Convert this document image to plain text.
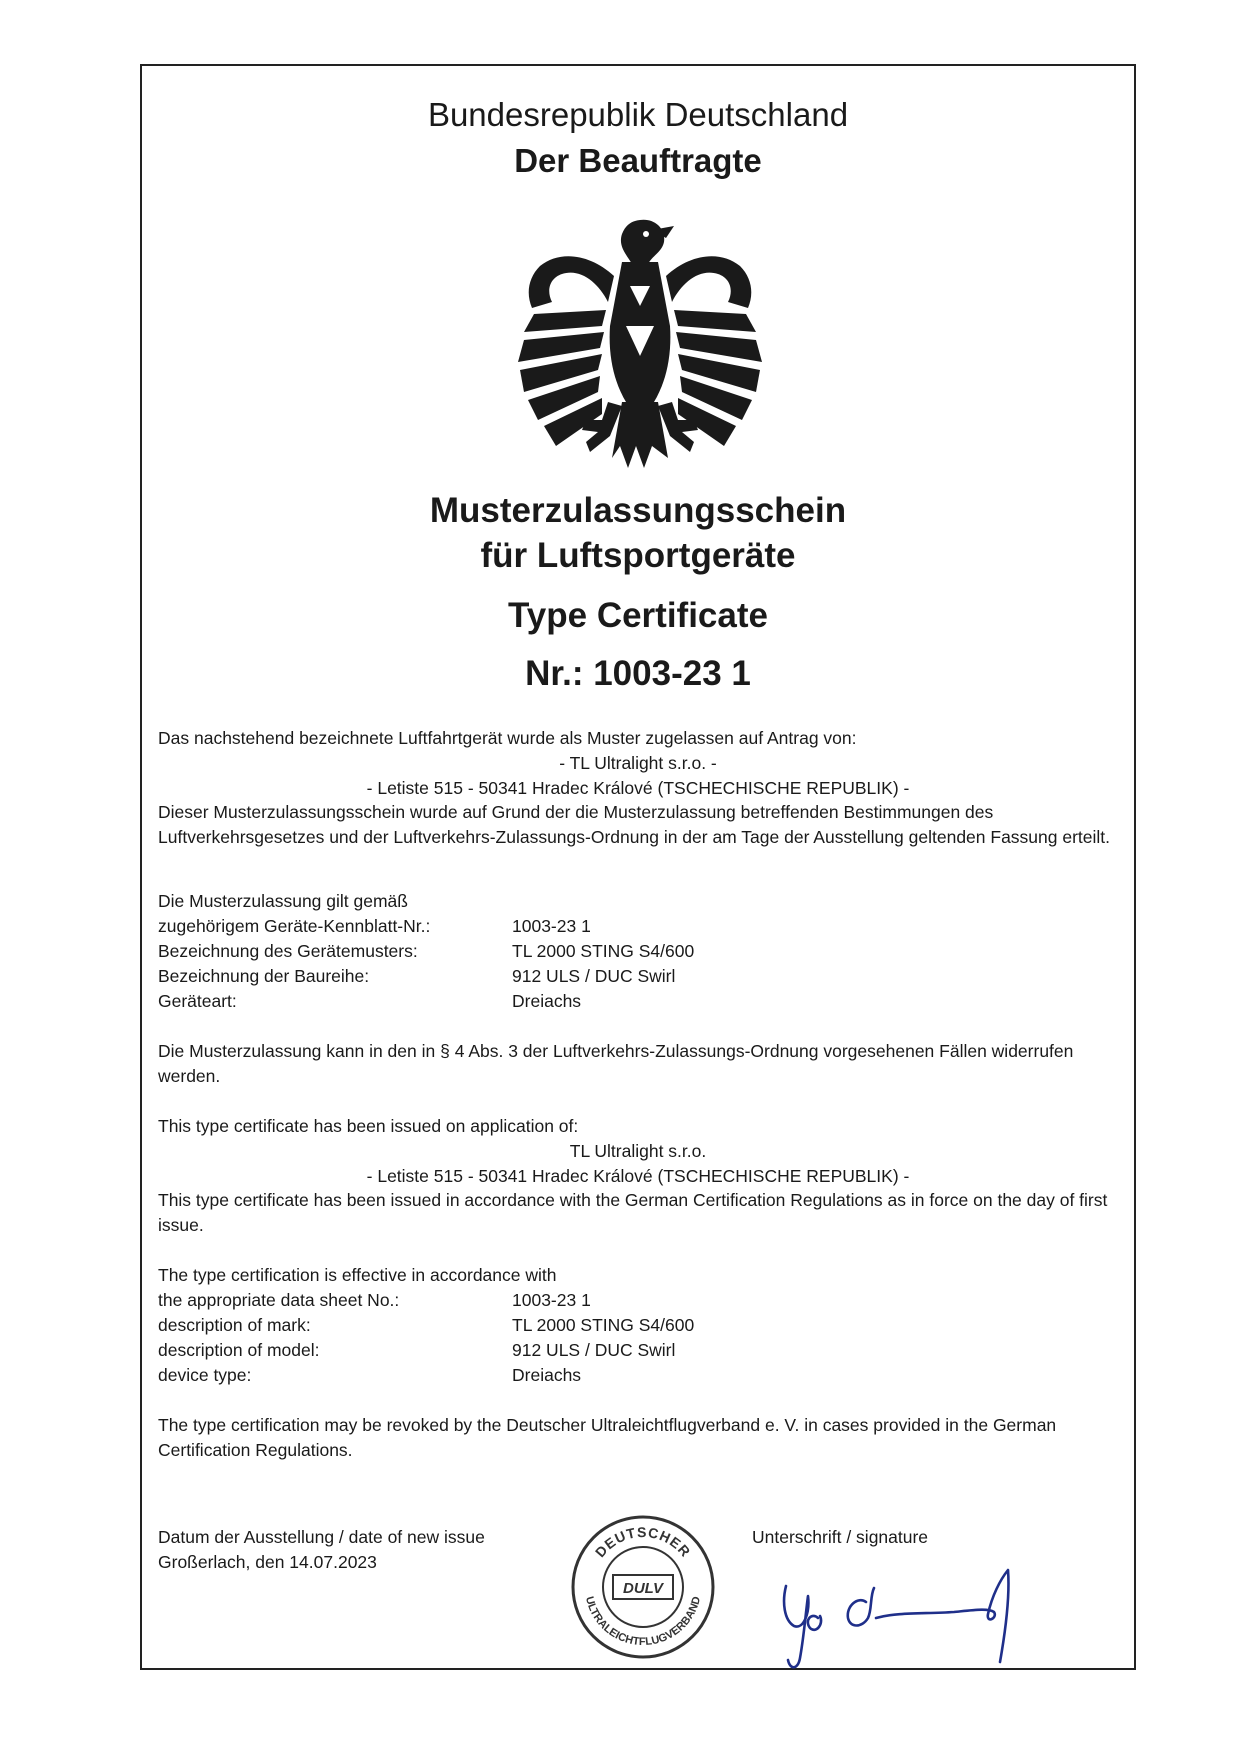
Bundesrepublik Deutschland
Der Beauftragte
Musterzulassungsschein
für Luftsportgeräte
Type Certificate
Nr.: 1003-23 1
Das nachstehend bezeichnete Luftfahrtgerät wurde als Muster zugelassen auf Antrag von:
- TL Ultralight s.r.o. -
- Letiste 515 - 50341 Hradec Králové (TSCHECHISCHE REPUBLIK) -
Dieser Musterzulassungsschein wurde auf Grund der die Musterzulassung betreffenden Bestimmungen des Luftverkehrsgesetzes und der Luftverkehrs-Zulassungs-Ordnung in der am Tage der Ausstellung geltenden Fassung erteilt.
Die Musterzulassung gilt gemäß
zugehörigem Geräte-Kennblatt-Nr.:	1003-23 1
Bezeichnung des Gerätemusters:	TL 2000 STING S4/600
Bezeichnung der Baureihe:	912 ULS / DUC Swirl
Geräteart:	Dreiachs
Die Musterzulassung kann in den in § 4 Abs. 3 der Luftverkehrs-Zulassungs-Ordnung vorgesehenen Fällen widerrufen werden.
This type certificate has been issued on application of:
TL Ultralight s.r.o.
- Letiste 515 - 50341 Hradec Králové (TSCHECHISCHE REPUBLIK) -
This type certificate has been issued in accordance with the German Certification Regulations as in force on the day of first issue.
The type certification is effective in accordance with
the appropriate data sheet No.:	1003-23 1
description of mark:	TL 2000 STING S4/600
description of model:	912 ULS / DUC Swirl
device type:	Dreiachs
The type certification may be revoked by the Deutscher Ultraleichtflugverband e. V. in cases provided in the German Certification Regulations.
Datum der Ausstellung / date of new issue
Großerlach, den 14.07.2023
DEUTSCHER
ULTRALEICHTFLUGVERBAND
DULV
Unterschrift / signature
